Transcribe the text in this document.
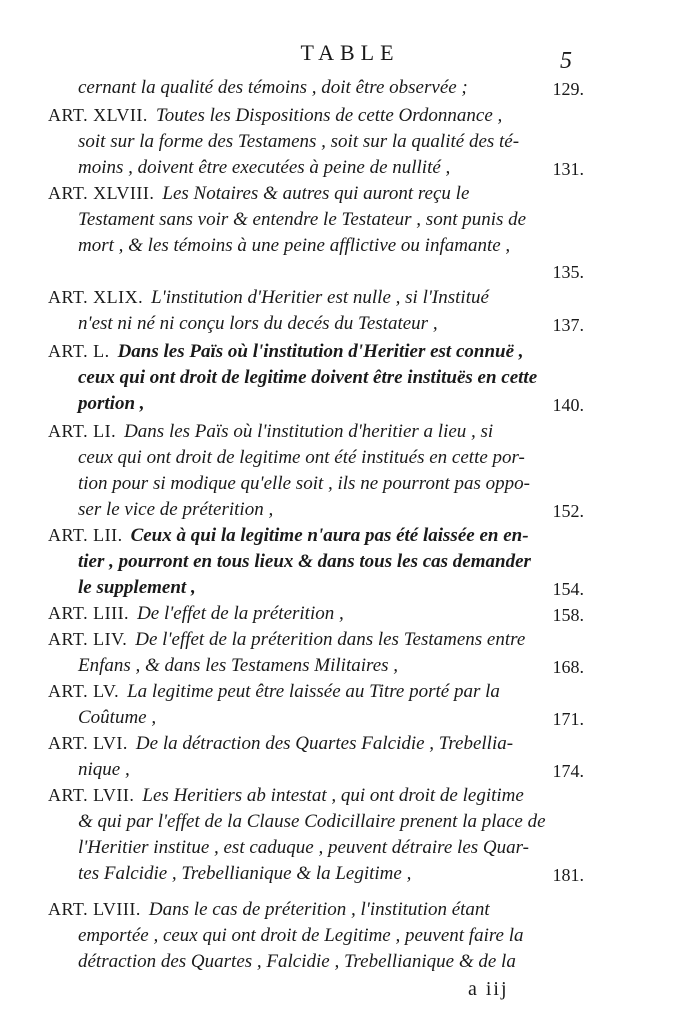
TABLE	5
cernant la qualité des témoins , doit être observée ;	129.
ART. XLVII. Toutes les Dispositions de cette Ordonnance ,
soit sur la forme des Testamens , soit sur la qualité des té-
moins , doivent être executées à peine de nullité ,	131.
ART. XLVIII. Les Notaires & autres qui auront reçu le
Testament sans voir & entendre le Testateur , sont punis de
mort , & les témoins à une peine afflictive ou infamante ,
135.
ART. XLIX. L'institution d'Heritier est nulle , si l'Institué
n'est ni né ni conçu lors du decés du Testateur ,	137.
ART. L. Dans les Païs où l'institution d'Heritier est connuë ,
ceux qui ont droit de legitime doivent être instituës en cette
portion ,	140.
ART. LI. Dans les Païs où l'institution d'heritier a lieu , si
ceux qui ont droit de legitime ont été institués en cette por-
tion pour si modique qu'elle soit , ils ne pourront pas oppo-
ser le vice de préterition ,	152.
ART. LII. Ceux à qui la legitime n'aura pas été laissée en en-
tier , pourront en tous lieux & dans tous les cas demander
le supplement ,	154.
ART. LIII. De l'effet de la préterition ,	158.
ART. LIV. De l'effet de la préterition dans les Testamens entre
Enfans , & dans les Testamens Militaires ,	168.
ART. LV. La legitime peut être laissée au Titre porté par la
Coûtume ,	171.
ART. LVI. De la détraction des Quartes Falcidie , Trebellia-
nique ,	174.
ART. LVII. Les Heritiers ab intestat , qui ont droit de legitime
& qui par l'effet de la Clause Codicillaire prenent la place de
l'Heritier institue , est caduque , peuvent détraire les Quar-
tes Falcidie , Trebellianique & la Legitime ,	181.
ART. LVIII. Dans le cas de préterition , l'institution étant
emportée , ceux qui ont droit de Legitime , peuvent faire la
détraction des Quartes , Falcidie , Trebellianique & de la
a iij
